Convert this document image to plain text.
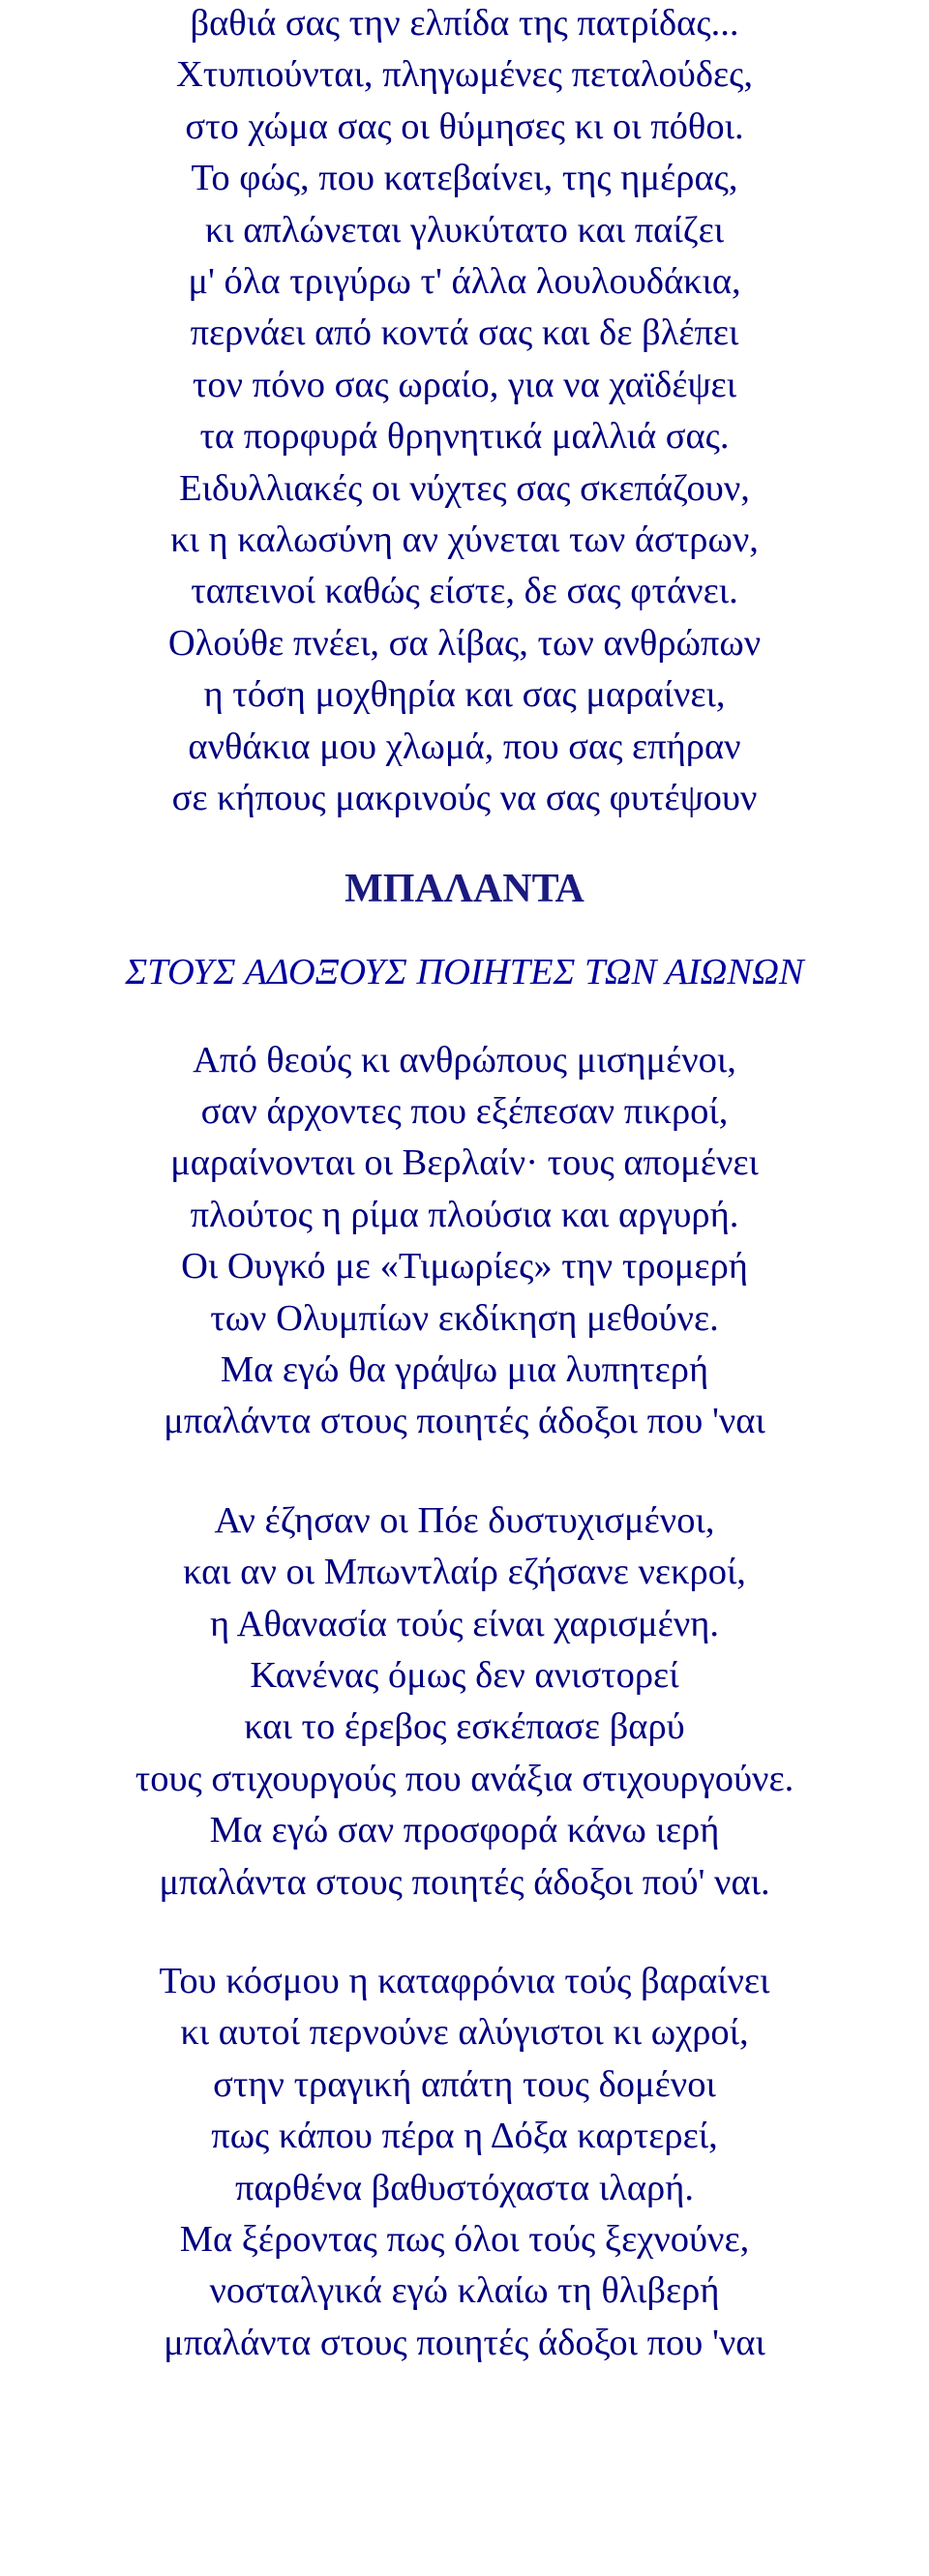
βαθιά σας την ελπίδα της πατρίδας...
Χτυπιούνται, πληγωμένες πεταλούδες,
στο χώμα σας οι θύμησες κι οι πόθοι.
Το φώς, που κατεβαίνει, της ημέρας,
κι απλώνεται γλυκύτατο και παίζει
μ' όλα τριγύρω τ' άλλα λουλουδάκια,
περνάει από κοντά σας και δε βλέπει
τον πόνο σας ωραίο, για να χαϊδέψει
τα πορφυρά θρηνητικά μαλλιά σας.
Ειδυλλιακές οι νύχτες σας σκεπάζουν,
κι η καλωσύνη αν χύνεται των άστρων,
ταπεινοί καθώς είστε, δε σας φτάνει.
Ολούθε πνέει, σα λίβας, των ανθρώπων
η τόση μοχθηρία και σας μαραίνει,
ανθάκια μου χλωμά, που σας επήραν
σε κήπους μακρινούς να σας φυτέψουν
ΜΠΑΛΑΝΤΑ
ΣΤΟΥΣ ΑΔΟΞΟΥΣ ΠΟΙΗΤΕΣ ΤΩΝ ΑΙΩΝΩΝ
Από θεούς κι ανθρώπους μισημένοι,
σαν άρχοντες που εξέπεσαν πικροί,
μαραίνονται οι Βερλαίν· τους απομένει
πλούτος η ρίμα πλούσια και αργυρή.
Οι Ουγκό με «Τιμωρίες» την τρομερή
των Ολυμπίων εκδίκηση μεθούνε.
Μα εγώ θα γράψω μια λυπητερή
μπαλάντα στους ποιητές άδοξοι που 'ναι
Αν έζησαν οι Πόε δυστυχισμένοι,
και αν οι Μπωντλαίρ εζήσανε νεκροί,
η Αθανασία τούς είναι χαρισμένη.
Κανένας όμως δεν ανιστορεί
και το έρεβος εσκέπασε βαρύ
τους στιχουργούς που ανάξια στιχουργούνε.
Μα εγώ σαν προσφορά κάνω ιερή
μπαλάντα στους ποιητές άδοξοι πού' ναι.
Του κόσμου η καταφρόνια τούς βαραίνει
κι αυτοί περνούνε αλύγιστοι κι ωχροί,
στην τραγική απάτη τους δομένοι
πως κάπου πέρα η Δόξα καρτερεί,
παρθένα βαθυστόχαστα ιλαρή.
Μα ξέροντας πως όλοι τούς ξεχνούνε,
νοσταλγικά εγώ κλαίω τη θλιβερή
μπαλάντα στους ποιητές άδοξοι που 'ναι
